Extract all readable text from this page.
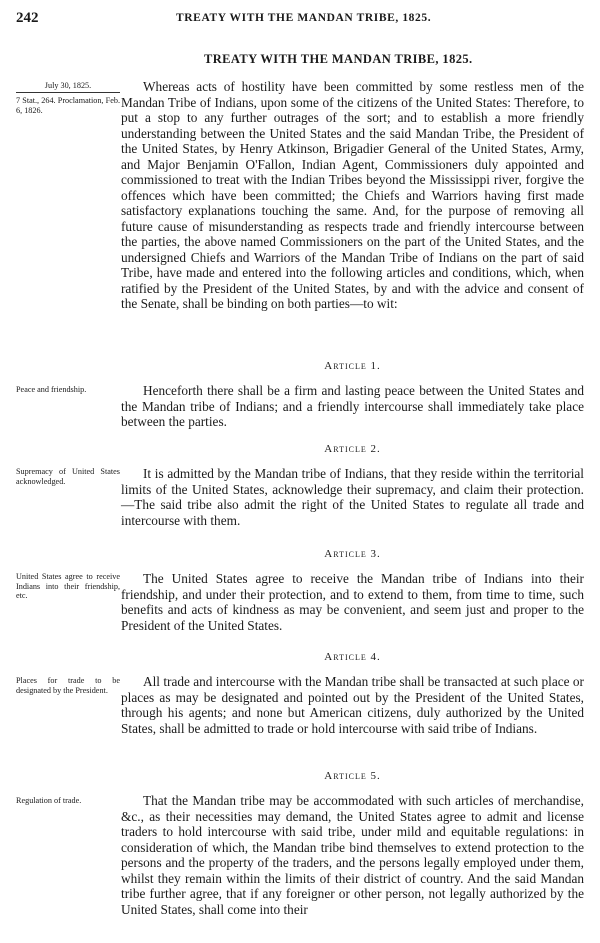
242	TREATY WITH THE MANDAN TRIBE, 1825.
TREATY WITH THE MANDAN TRIBE, 1825.
July 30, 1825.
7 Stat., 264. Proclamation, Feb. 6, 1826.
Peace and friendship.
Supremacy of United States acknowledged.
United States agree to receive Indians into their friendship, etc.
Places for trade to be designated by the President.
Regulation of trade.

Whereas acts of hostility have been committed by some restless men of the Mandan Tribe of Indians, upon some of the citizens of the United States: Therefore, to put a stop to any further outrages of the sort; and to establish a more friendly understanding between the United States and the said Mandan Tribe, the President of the United States, by Henry Atkinson, Brigadier General of the United States, Army, and Major Benjamin O'Fallon, Indian Agent, Commissioners duly appointed and commissioned to treat with the Indian Tribes beyond the Mississippi river, forgive the offences which have been committed; the Chiefs and Warriors having first made satisfactory explanations touching the same. And, for the purpose of removing all future cause of misunderstanding as respects trade and friendly intercourse between the parties, the above named Commissioners on the part of the United States, and the undersigned Chiefs and Warriors of the Mandan Tribe of Indians on the part of said Tribe, have made and entered into the following articles and conditions, which, when ratified by the President of the United States, by and with the advice and consent of the Senate, shall be binding on both parties—to wit:

Article 1.

Henceforth there shall be a firm and lasting peace between the United States and the Mandan tribe of Indians; and a friendly intercourse shall immediately take place between the parties.

Article 2.

It is admitted by the Mandan tribe of Indians, that they reside within the territorial limits of the United States, acknowledge their supremacy, and claim their protection.—The said tribe also admit the right of the United States to regulate all trade and intercourse with them.

Article 3.

The United States agree to receive the Mandan tribe of Indians into their friendship, and under their protection, and to extend to them, from time to time, such benefits and acts of kindness as may be convenient, and seem just and proper to the President of the United States.

Article 4.

All trade and intercourse with the Mandan tribe shall be transacted at such place or places as may be designated and pointed out by the President of the United States, through his agents; and none but American citizens, duly authorized by the United States, shall be admitted to trade or hold intercourse with said tribe of Indians.

Article 5.

That the Mandan tribe may be accommodated with such articles of merchandise, &c., as their necessities may demand, the United States agree to admit and license traders to hold intercourse with said tribe, under mild and equitable regulations: in consideration of which, the Mandan tribe bind themselves to extend protection to the persons and the property of the traders, and the persons legally employed under them, whilst they remain within the limits of their district of country. And the said Mandan tribe further agree, that if any foreigner or other person, not legally authorized by the United States, shall come into their
